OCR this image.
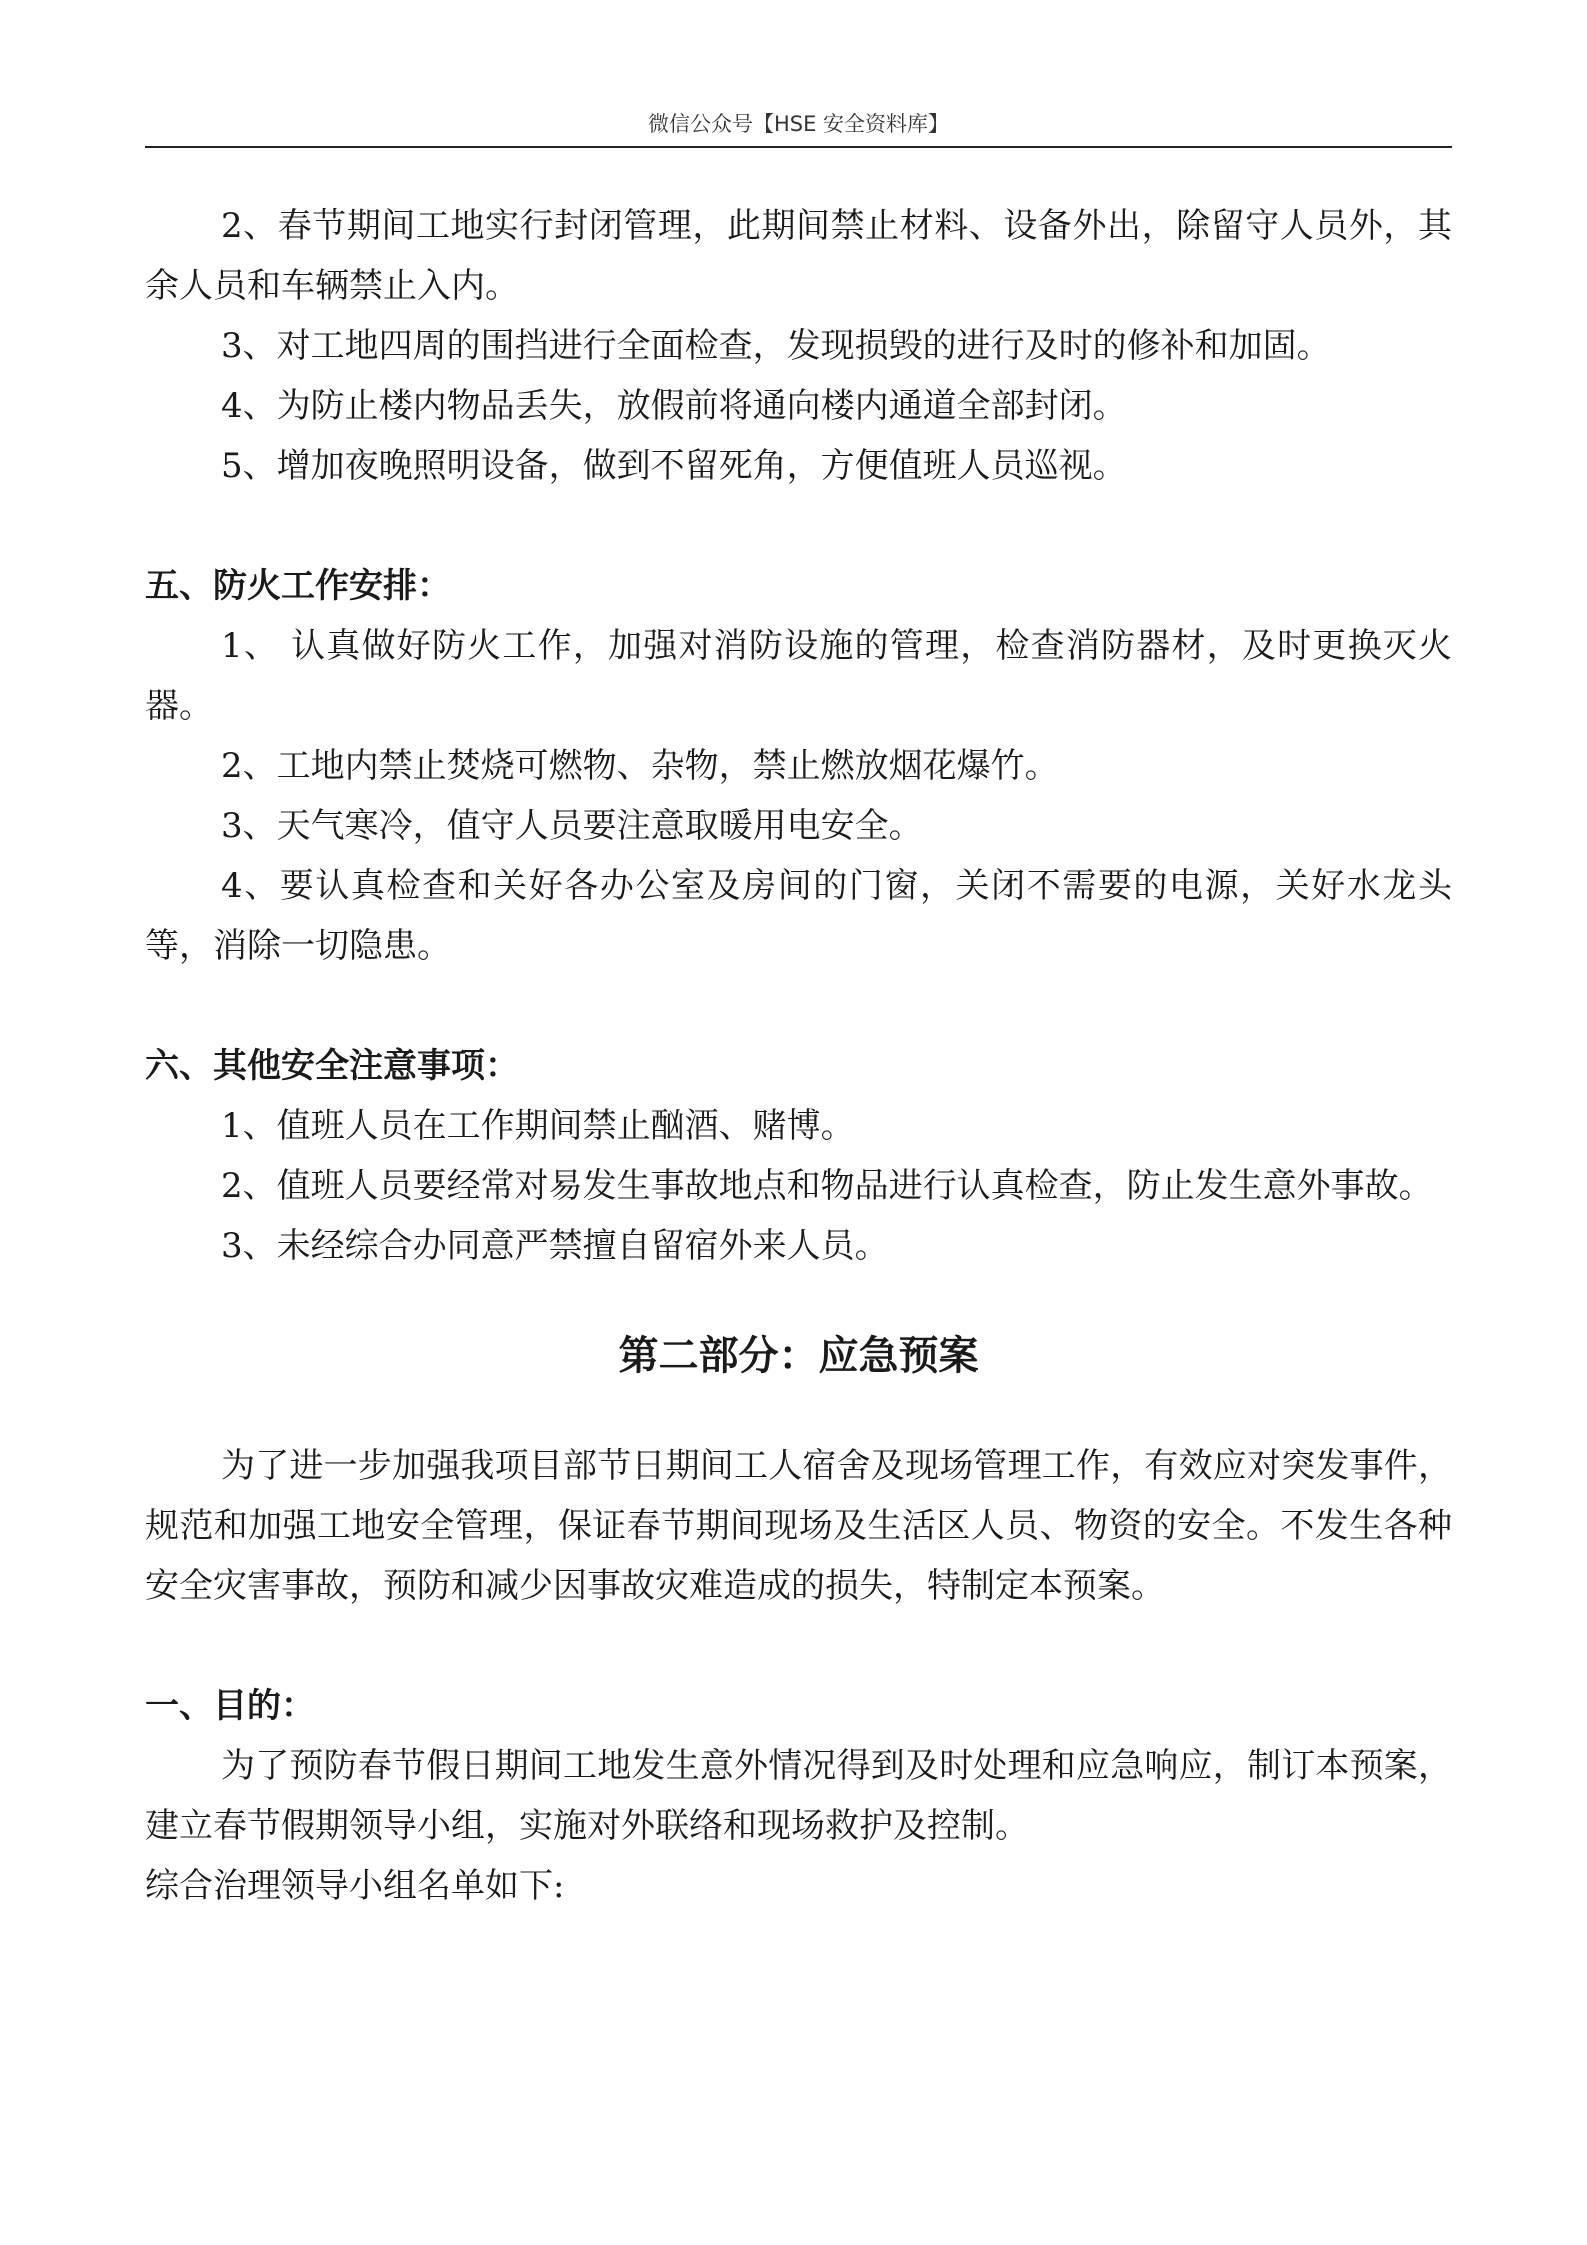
微信公众号【HSE 安全资料库】

2、春节期间工地实行封闭管理，此期间禁止材料、设备外出，除留守人员外，其余人员和车辆禁止入内。

3、对工地四周的围挡进行全面检查，发现损毁的进行及时的修补和加固。

4、为防止楼内物品丢失，放假前将通向楼内通道全部封闭。

5、增加夜晚照明设备，做到不留死角，方便值班人员巡视。

五、防火工作安排：

1、 认真做好防火工作，加强对消防设施的管理，检查消防器材，及时更换灭火器。

2、工地内禁止焚烧可燃物、杂物，禁止燃放烟花爆竹。

3、天气寒冷，值守人员要注意取暖用电安全。

4、要认真检查和关好各办公室及房间的门窗，关闭不需要的电源，关好水龙头等，消除一切隐患。

六、其他安全注意事项：

1、值班人员在工作期间禁止酗酒、赌博。

2、值班人员要经常对易发生事故地点和物品进行认真检查，防止发生意外事故。

3、未经综合办同意严禁擅自留宿外来人员。

第二部分：应急预案

为了进一步加强我项目部节日期间工人宿舍及现场管理工作，有效应对突发事件，规范和加强工地安全管理，保证春节期间现场及生活区人员、物资的安全。不发生各种安全灾害事故，预防和减少因事故灾难造成的损失，特制定本预案。

一、目的：

为了预防春节假日期间工地发生意外情况得到及时处理和应急响应，制订本预案，建立春节假期领导小组，实施对外联络和现场救护及控制。

综合治理领导小组名单如下:
